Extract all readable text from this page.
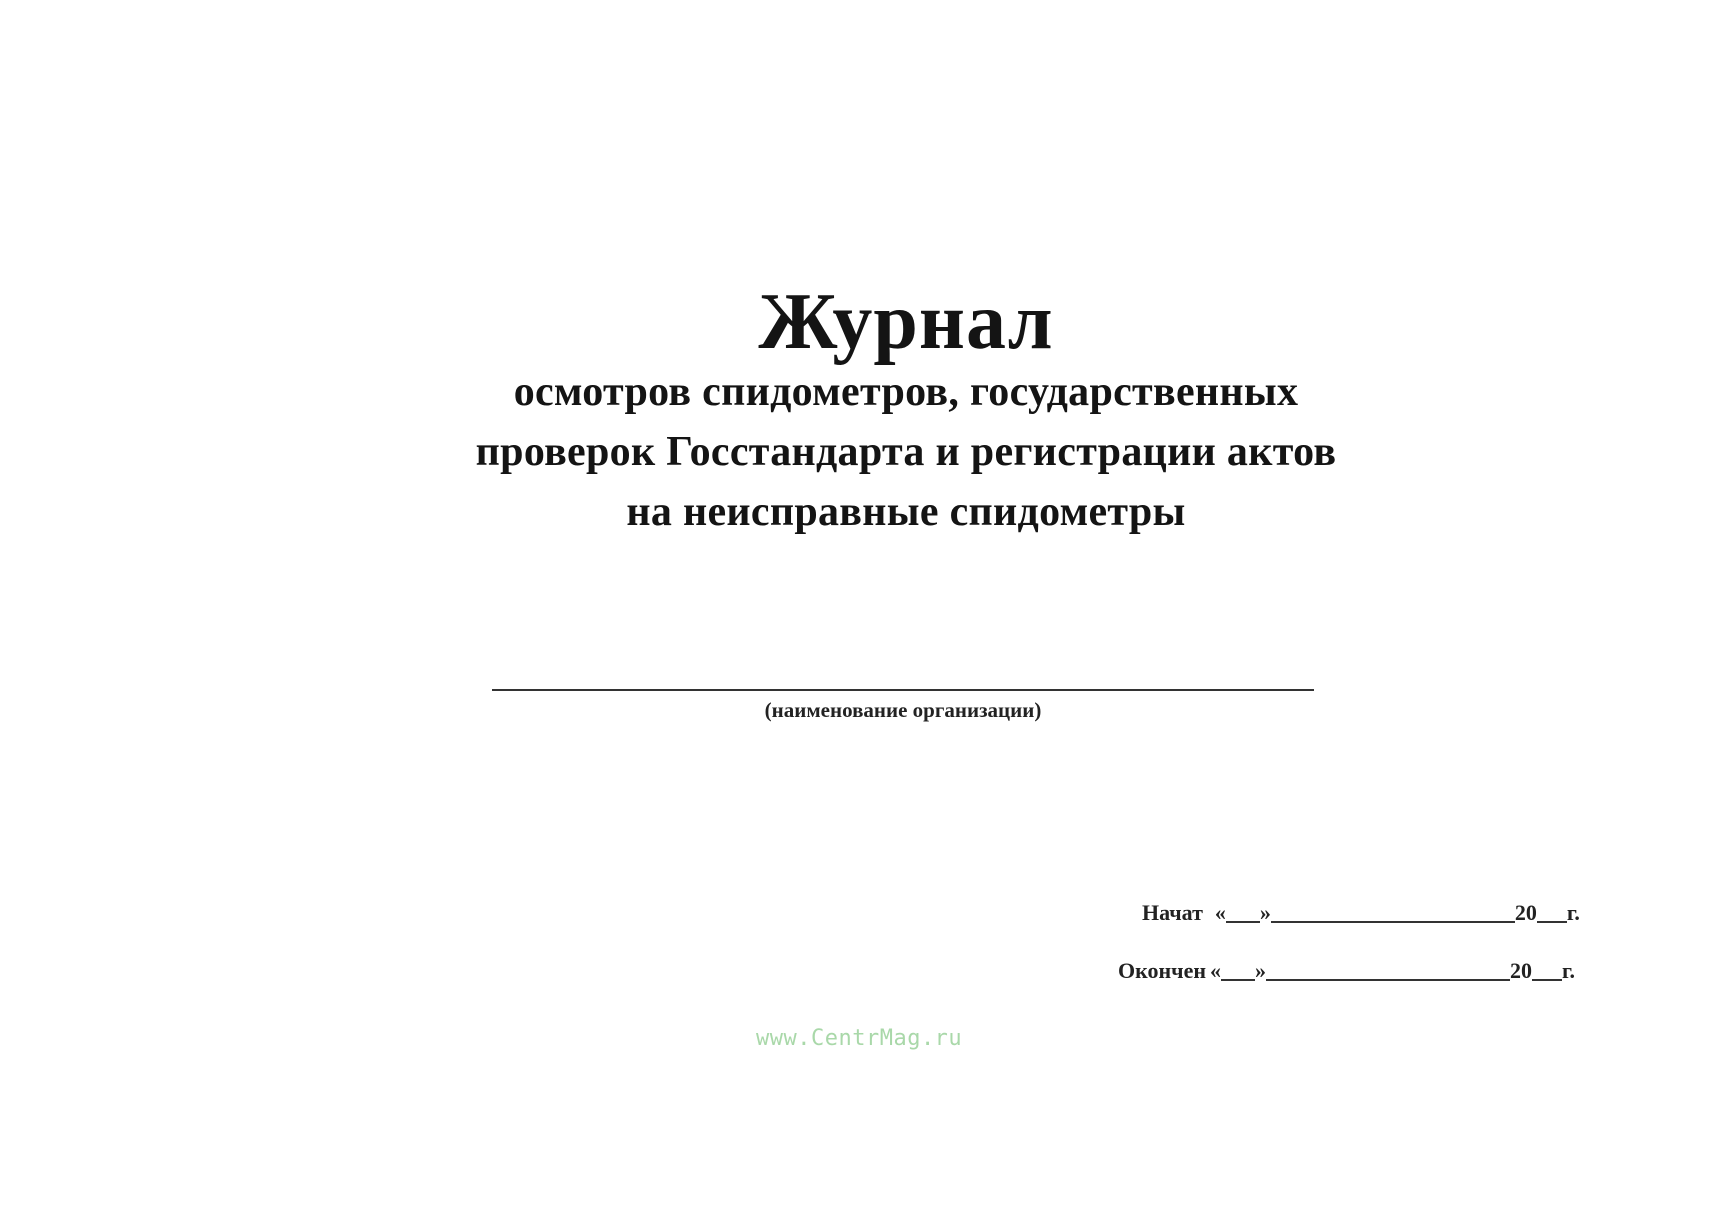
Журнал
осмотров спидометров, государственных
проверок Госстандарта и регистрации актов
на неисправные спидометры
(наименование организации)
Начат « »	20 г.
Окончен « »	20 г.
www.CentrMag.ru
